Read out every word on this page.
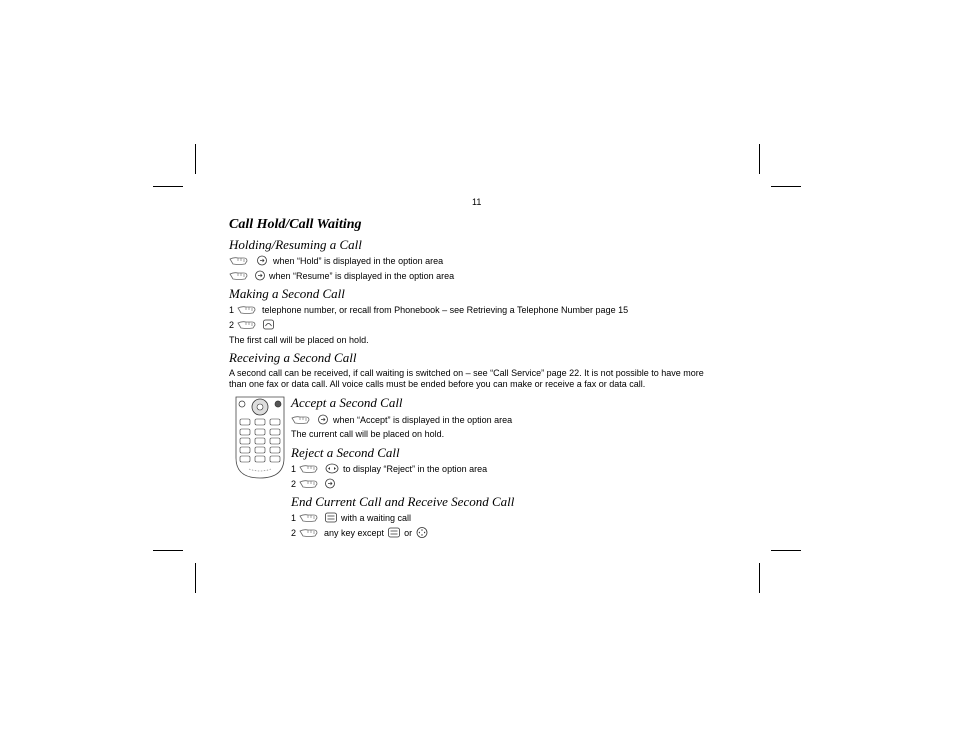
11
Call Hold/Call Waiting
Holding/Resuming a Call
when “Hold” is displayed in the option area
when “Resume” is displayed in the option area
Making a Second Call
1	telephone number, or recall from Phonebook – see Retrieving a Telephone Number page 15
2
The first call will be placed on hold.
Receiving a Second Call
A second call can be received, if call waiting is switched on – see “Call Service” page 22. It is not possible to have more than one fax or data call. All voice calls must be ended before you can make or receive a fax or data call.
Accept a Second Call
when “Accept” is displayed in the option area
The current call will be placed on hold.
Reject a Second Call
1	to display “Reject” in the option area
2
End Current Call and Receive Second Call
1	with a waiting call
2	any key except or
